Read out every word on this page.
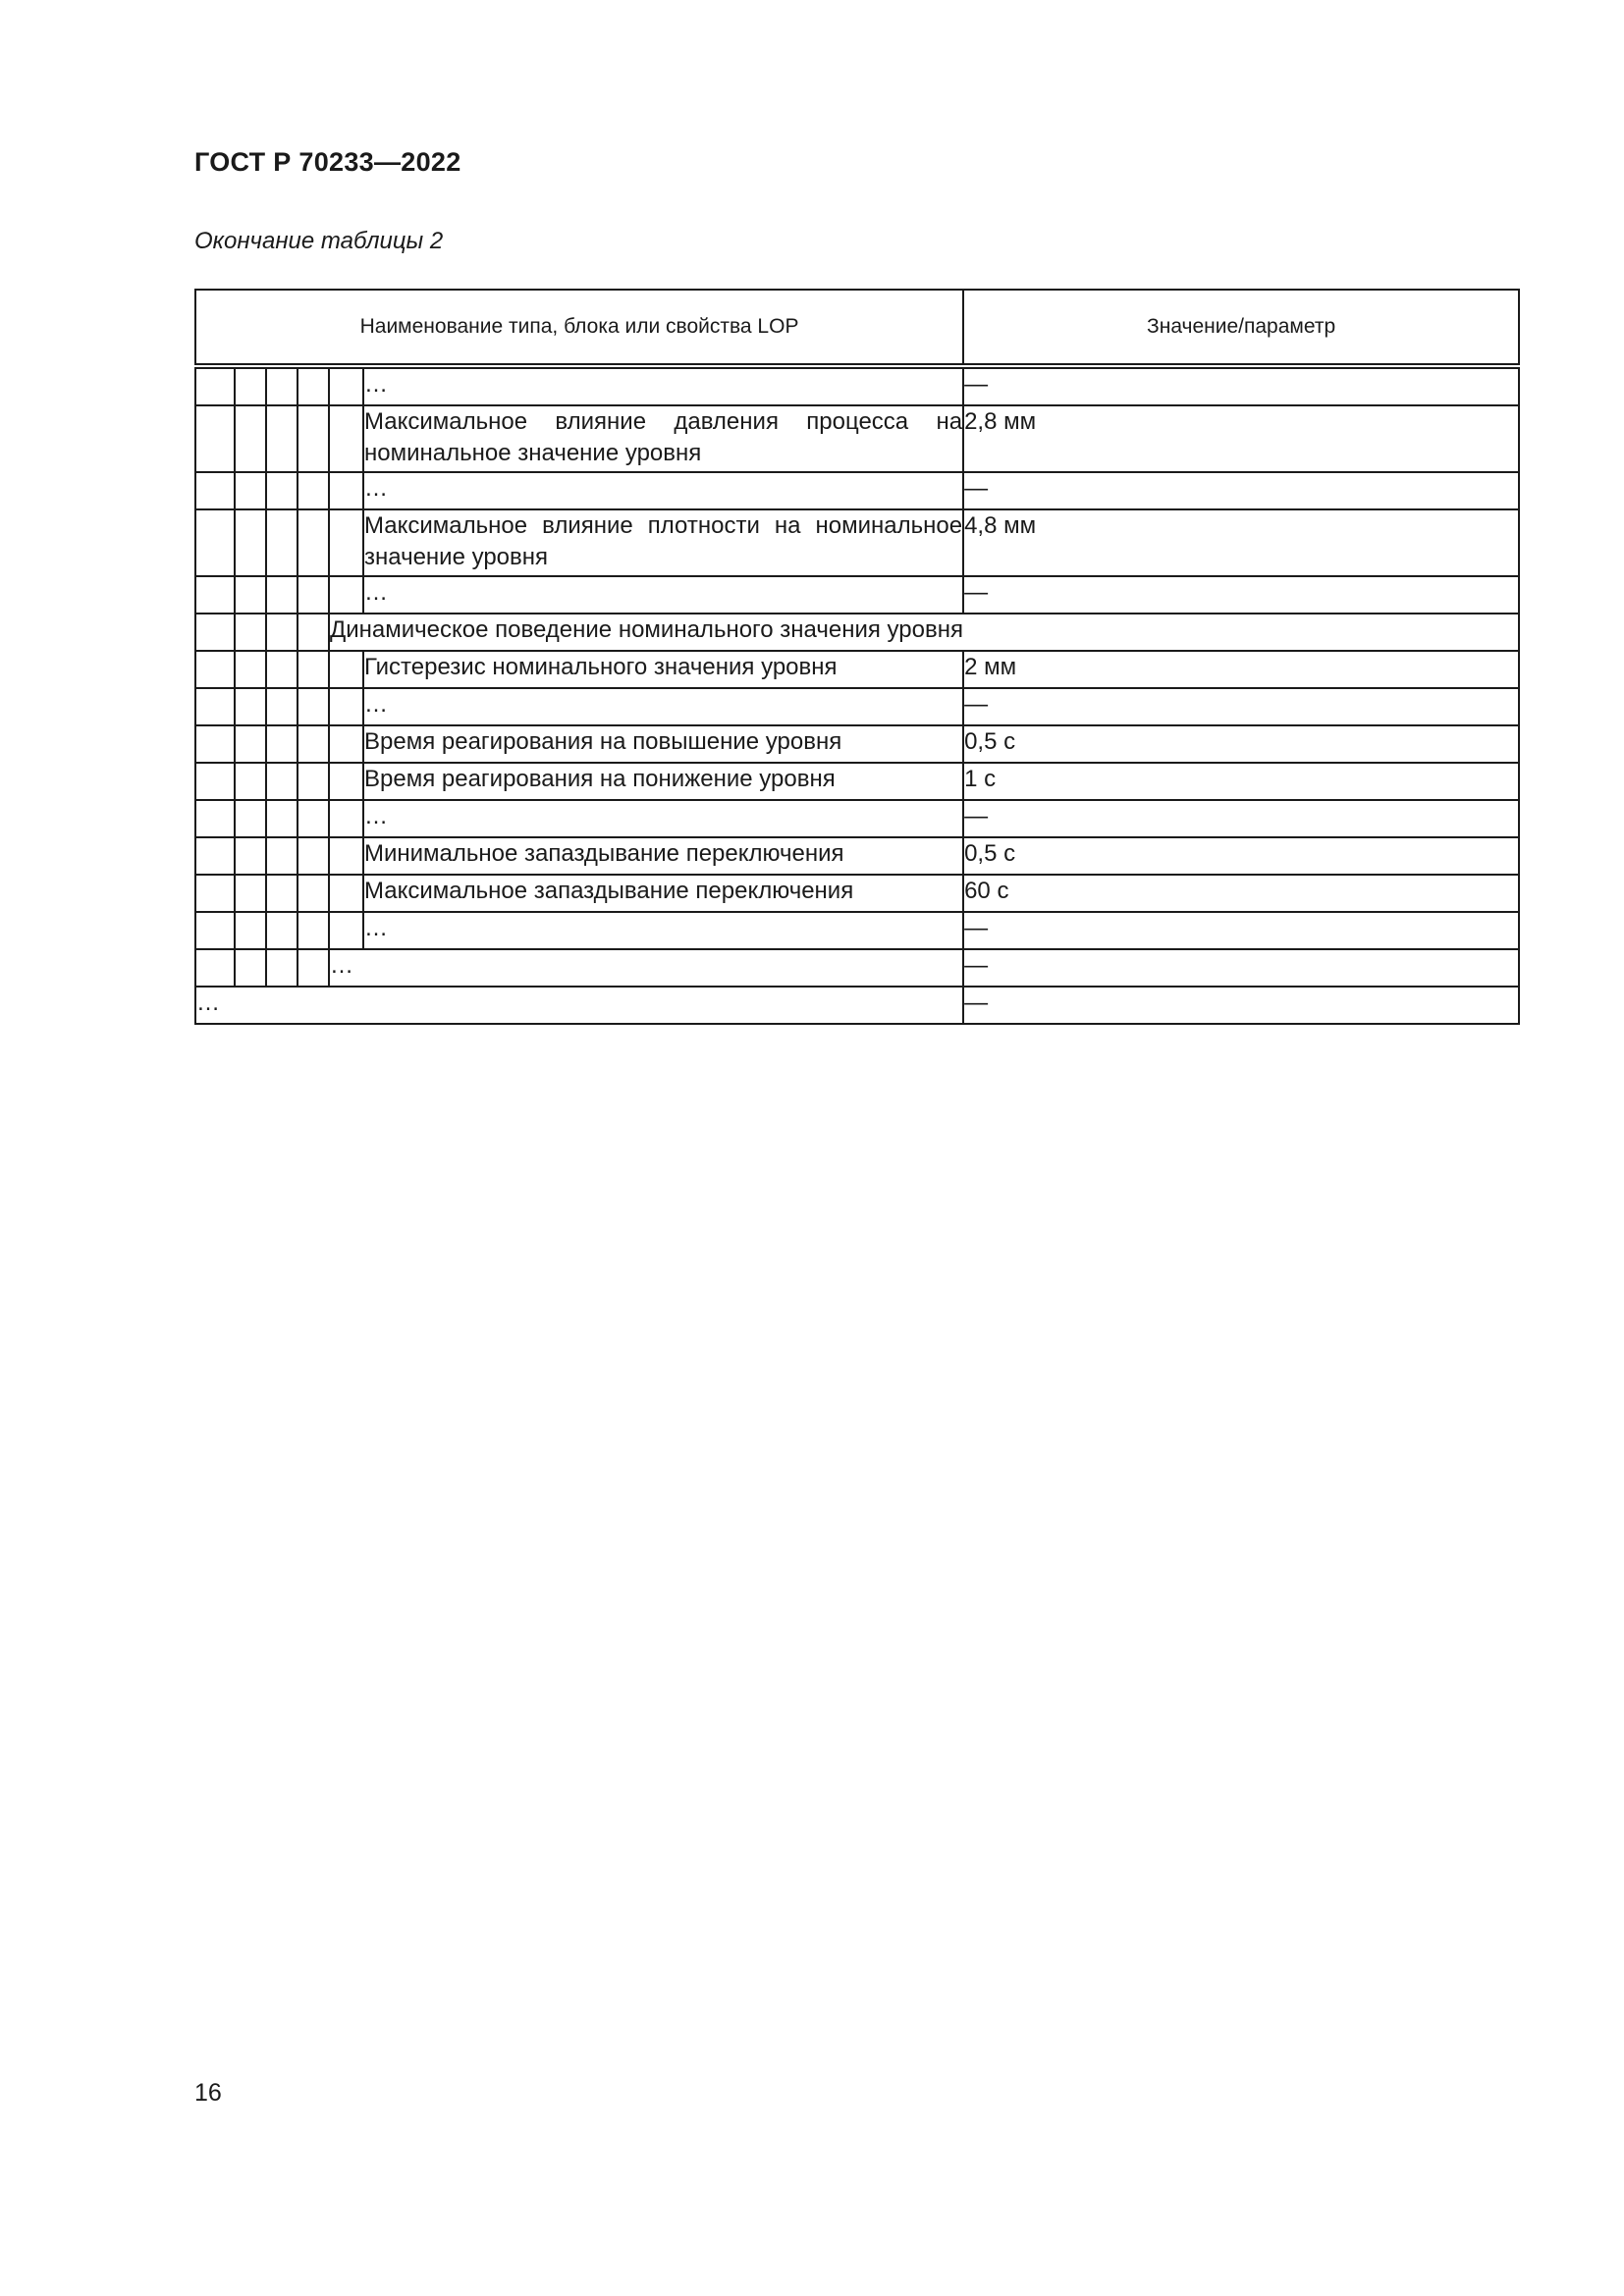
ГОСТ Р 70233—2022
Окончание таблицы 2
Наименование типа, блока или свойства LOP						Значение/параметр
					…	—
					Максимальное влияние давления процесса на номинальное значение уровня	2,8 мм
					…	—
					Максимальное влияние плотности на номинальное значение уровня	4,8 мм
					…	—
				Динамическое поведение номинального значения уровня		
					Гистерезис номинального значения уровня	2 мм
					…	—
					Время реагирования на повышение уровня	0,5 с
					Время реагирования на понижение уровня	1 с
					…	—
					Минимальное запаздывание переключения	0,5 с
					Максимальное запаздывание переключения	60 с
					…	—
				…		—
…						—
16
